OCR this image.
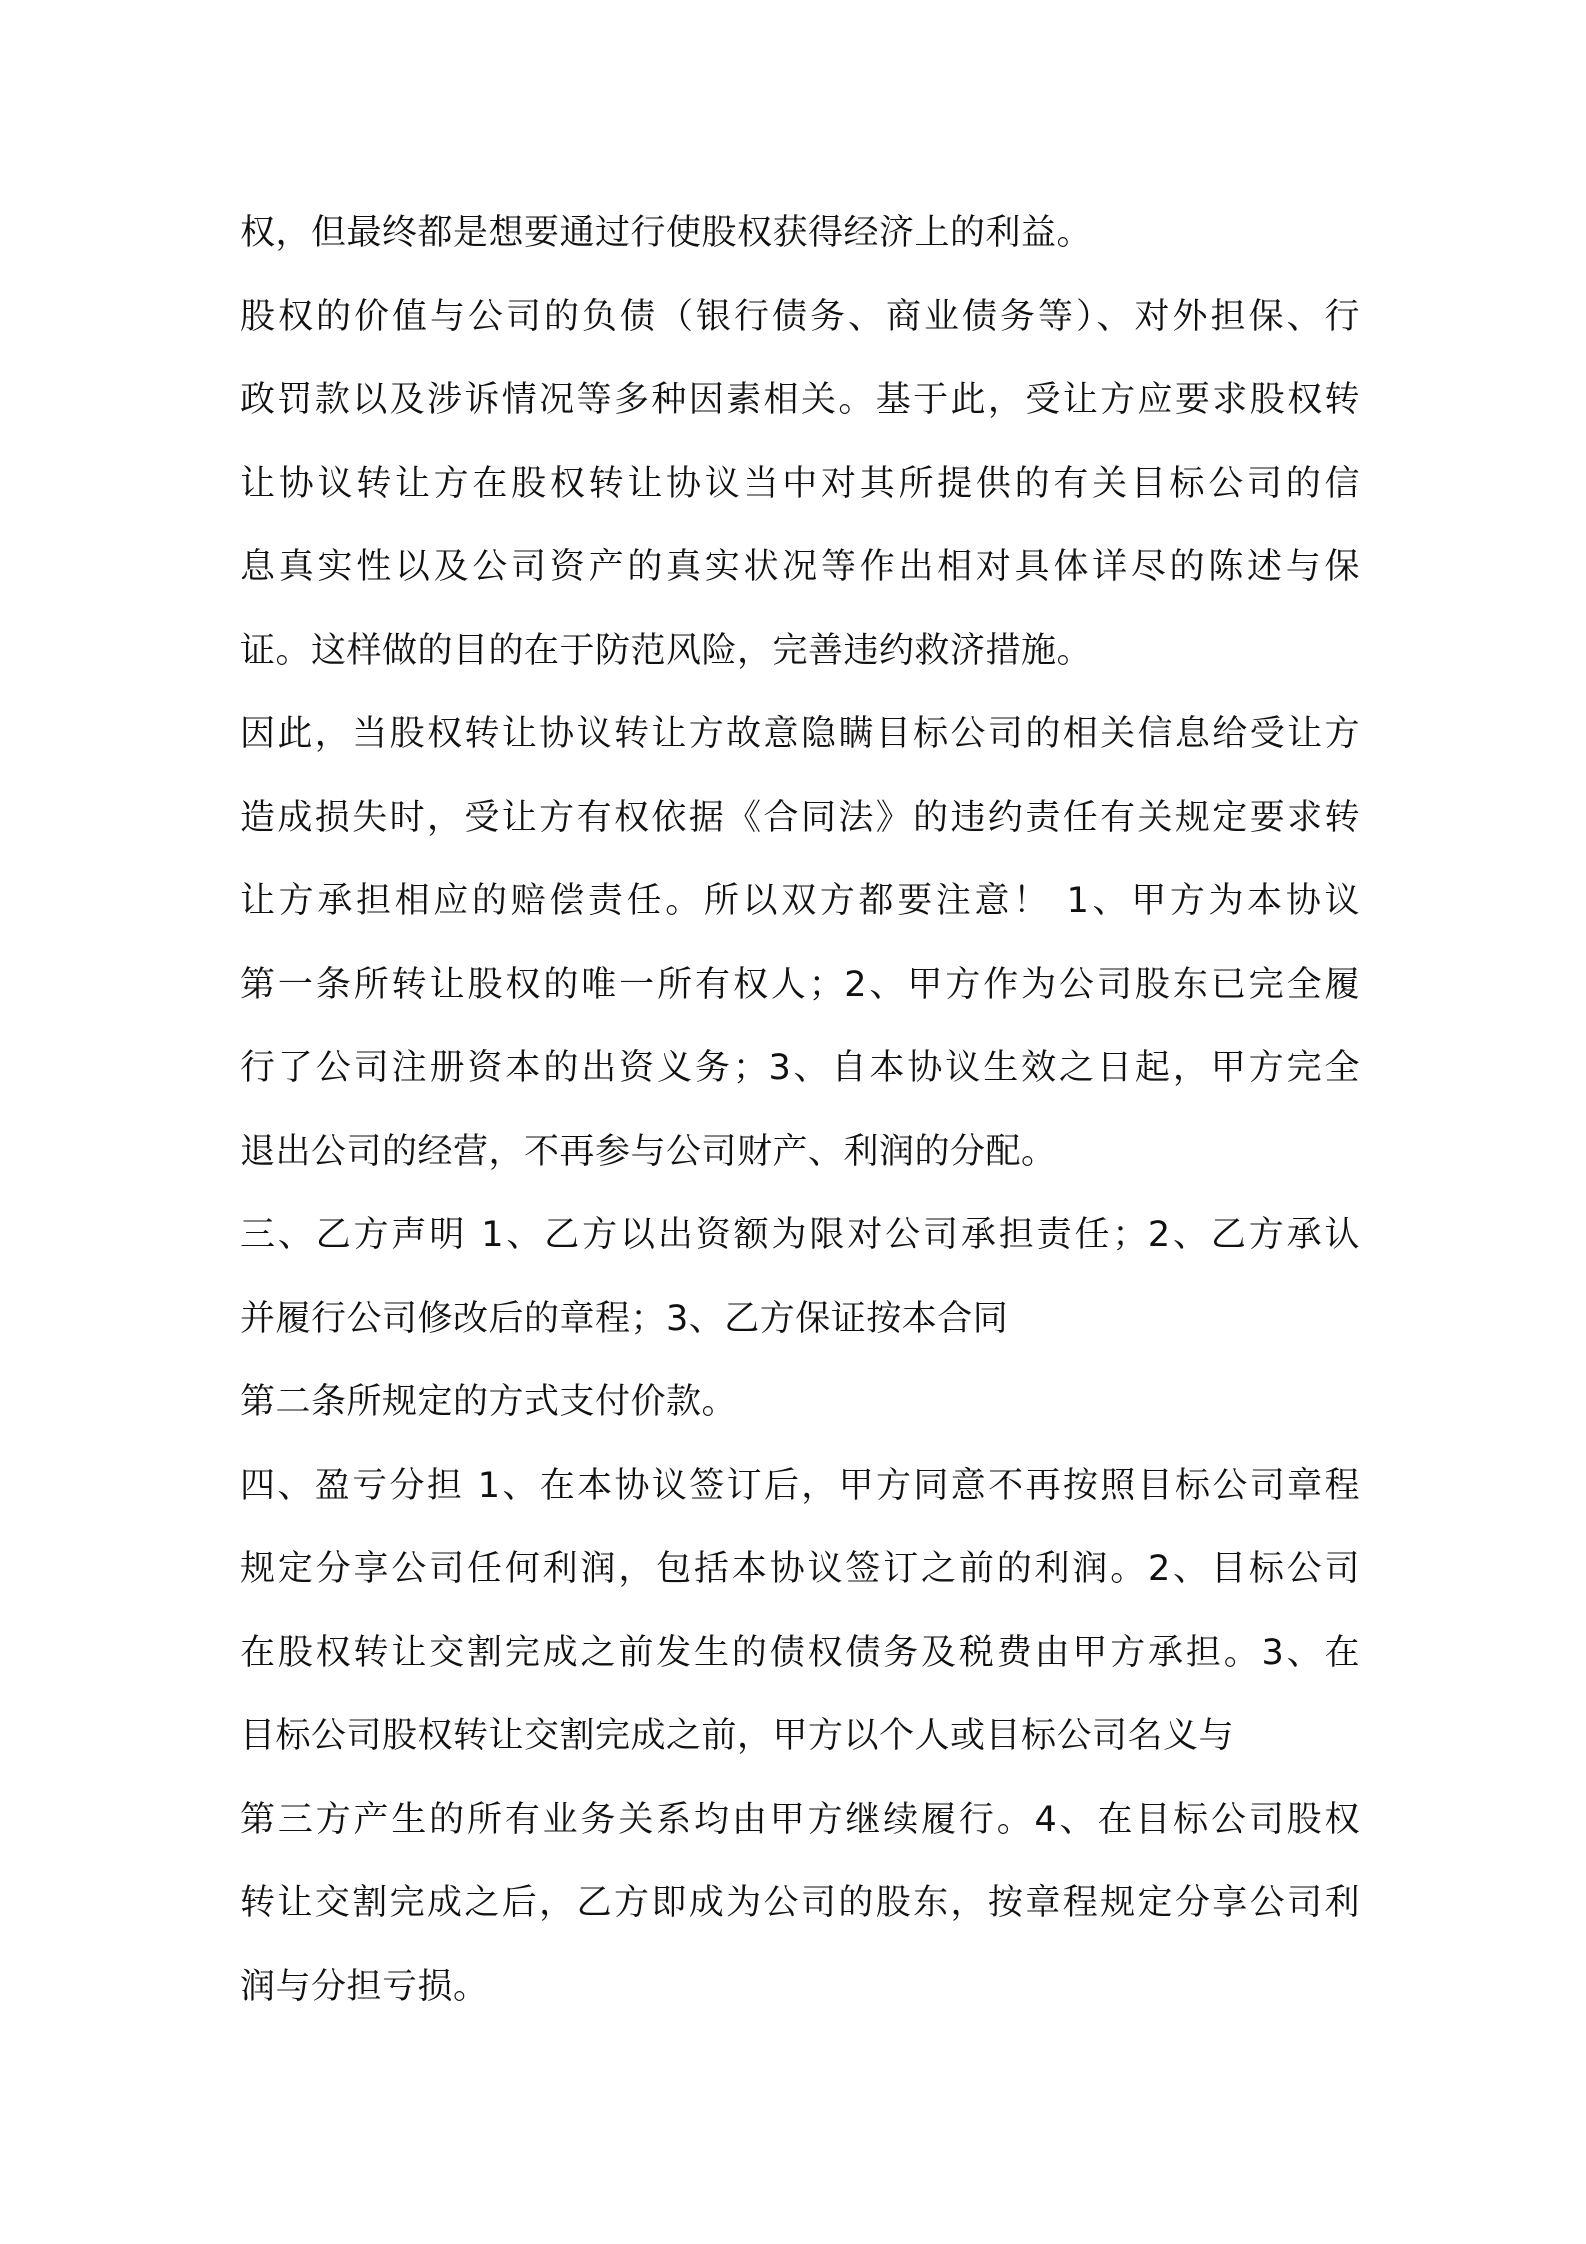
权，但最终都是想要通过行使股权获得经济上的利益。
股权的价值与公司的负债（银行债务、商业债务等）、对外担保、行
政罚款以及涉诉情况等多种因素相关。基于此，受让方应要求股权转
让协议转让方在股权转让协议当中对其所提供的有关目标公司的信
息真实性以及公司资产的真实状况等作出相对具体详尽的陈述与保
证。这样做的目的在于防范风险，完善违约救济措施。
因此，当股权转让协议转让方故意隐瞒目标公司的相关信息给受让方
造成损失时，受让方有权依据《合同法》的违约责任有关规定要求转
让方承担相应的赔偿责任。所以双方都要注意！ 1、甲方为本协议
第一条所转让股权的唯一所有权人；2、甲方作为公司股东已完全履
行了公司注册资本的出资义务；3、自本协议生效之日起，甲方完全
退出公司的经营，不再参与公司财产、利润的分配。
三、乙方声明 1、乙方以出资额为限对公司承担责任；2、乙方承认
并履行公司修改后的章程；3、乙方保证按本合同
第二条所规定的方式支付价款。
四、盈亏分担 1、在本协议签订后，甲方同意不再按照目标公司章程
规定分享公司任何利润，包括本协议签订之前的利润。2、目标公司
在股权转让交割完成之前发生的债权债务及税费由甲方承担。3、在
目标公司股权转让交割完成之前，甲方以个人或目标公司名义与
第三方产生的所有业务关系均由甲方继续履行。4、在目标公司股权
转让交割完成之后，乙方即成为公司的股东，按章程规定分享公司利
润与分担亏损。
